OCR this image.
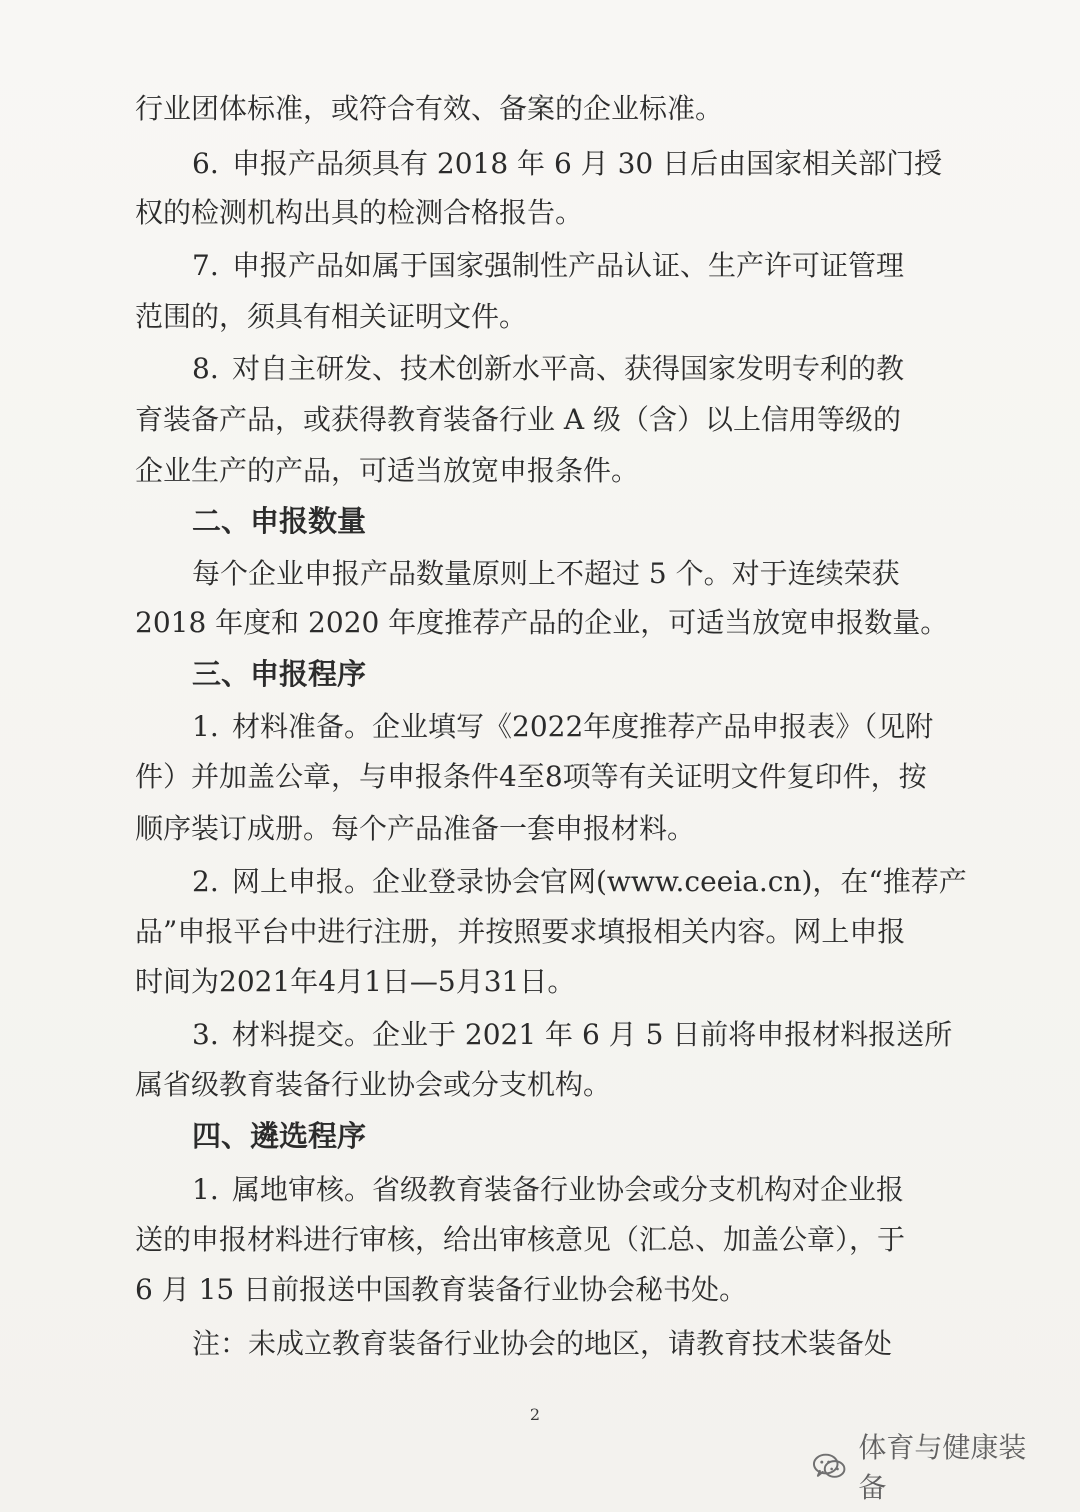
行业团体标准，或符合有效、备案的企业标准。
6. 申报产品须具有 2018 年 6 月 30 日后由国家相关部门授
权的检测机构出具的检测合格报告。
7. 申报产品如属于国家强制性产品认证、生产许可证管理
范围的，须具有相关证明文件。
8. 对自主研发、技术创新水平高、获得国家发明专利的教
育装备产品，或获得教育装备行业 A 级（含）以上信用等级的
企业生产的产品，可适当放宽申报条件。
二、申报数量
每个企业申报产品数量原则上不超过 5 个。对于连续荣获
2018 年度和 2020 年度推荐产品的企业，可适当放宽申报数量。
三、申报程序
1. 材料准备。企业填写《2022年度推荐产品申报表》（见附
件）并加盖公章，与申报条件4至8项等有关证明文件复印件，按
顺序装订成册。每个产品准备一套申报材料。
2. 网上申报。企业登录协会官网(www.ceeia.cn)，在“推荐产
品”申报平台中进行注册，并按照要求填报相关内容。网上申报
时间为2021年4月1日—5月31日。
3. 材料提交。企业于 2021 年 6 月 5 日前将申报材料报送所
属省级教育装备行业协会或分支机构。
四、遴选程序
1. 属地审核。省级教育装备行业协会或分支机构对企业报
送的申报材料进行审核，给出审核意见（汇总、加盖公章），于
6 月 15 日前报送中国教育装备行业协会秘书处。
注： 未成立教育装备行业协会的地区，请教育技术装备处
2
体育与健康装备
